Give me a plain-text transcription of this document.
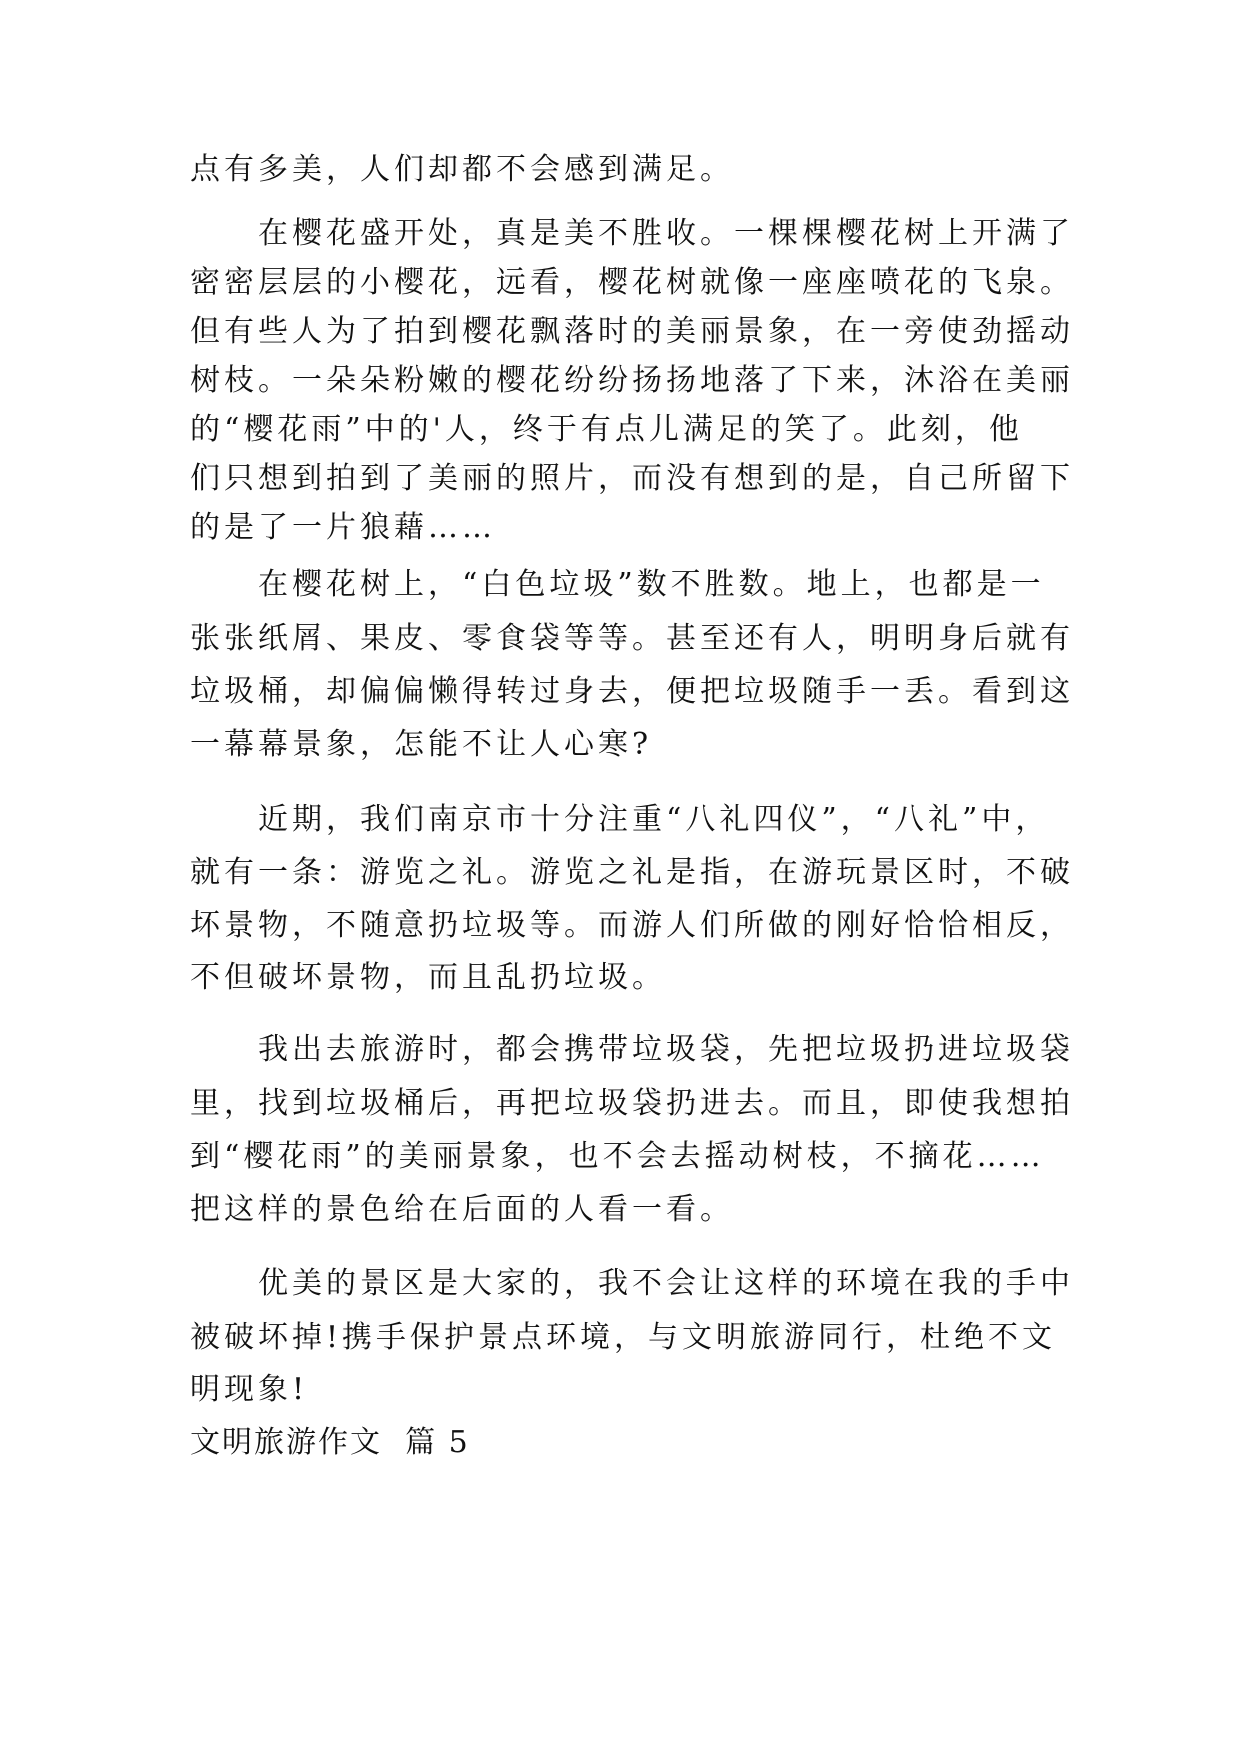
点有多美，人们却都不会感到满足。
在樱花盛开处，真是美不胜收。一棵棵樱花树上开满了
密密层层的小樱花，远看，樱花树就像一座座喷花的飞泉。
但有些人为了拍到樱花飘落时的美丽景象，在一旁使劲摇动
树枝。一朵朵粉嫩的樱花纷纷扬扬地落了下来，沐浴在美丽
的“樱花雨”中的'人，终于有点儿满足的笑了。此刻，他
们只想到拍到了美丽的照片，而没有想到的是，自己所留下
的是了一片狼藉……
在樱花树上，“白色垃圾”数不胜数。地上，也都是一
张张纸屑、果皮、零食袋等等。甚至还有人，明明身后就有
垃圾桶，却偏偏懒得转过身去，便把垃圾随手一丢。看到这
一幕幕景象，怎能不让人心寒?
近期，我们南京市十分注重“八礼四仪”，“八礼”中，
就有一条：游览之礼。游览之礼是指，在游玩景区时，不破
坏景物，不随意扔垃圾等。而游人们所做的刚好恰恰相反，
不但破坏景物，而且乱扔垃圾。
我出去旅游时，都会携带垃圾袋，先把垃圾扔进垃圾袋
里，找到垃圾桶后，再把垃圾袋扔进去。而且，即使我想拍
到“樱花雨”的美丽景象，也不会去摇动树枝，不摘花……
把这样的景色给在后面的人看一看。
优美的景区是大家的，我不会让这样的环境在我的手中
被破坏掉!携手保护景点环境，与文明旅游同行，杜绝不文
明现象!
文明旅游作文  篇 5
